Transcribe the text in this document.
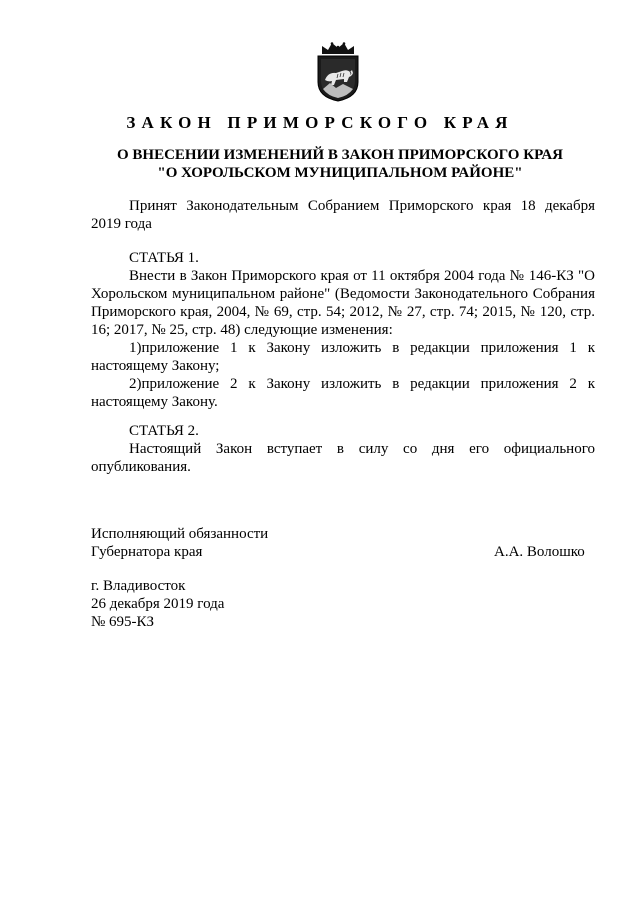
ЗАКОН ПРИМОРСКОГО КРАЯ
О ВНЕСЕНИИ ИЗМЕНЕНИЙ В ЗАКОН ПРИМОРСКОГО КРАЯ
"О ХОРОЛЬСКОМ МУНИЦИПАЛЬНОМ РАЙОНЕ"

Принят Законодательным Собранием Приморского края 18 декабря 2019 года

СТАТЬЯ 1.

Внести в Закон Приморского края от 11 октября 2004 года № 146-КЗ "О Хорольском муниципальном районе" (Ведомости Законодательного Собрания Приморского края, 2004, № 69, стр. 54; 2012, № 27, стр. 74; 2015, № 120, стр. 16; 2017, № 25, стр. 48) следующие изменения:

1)приложение 1 к Закону изложить в редакции приложения 1 к настоящему Закону;

2)приложение 2 к Закону изложить в редакции приложения 2 к настоящему Закону.

СТАТЬЯ 2.

Настоящий Закон вступает в силу со дня его официального опубликования.

Исполняющий обязанности
Губернатора края	А.А. Волошко
г. Владивосток
26 декабря 2019 года
№ 695-КЗ
